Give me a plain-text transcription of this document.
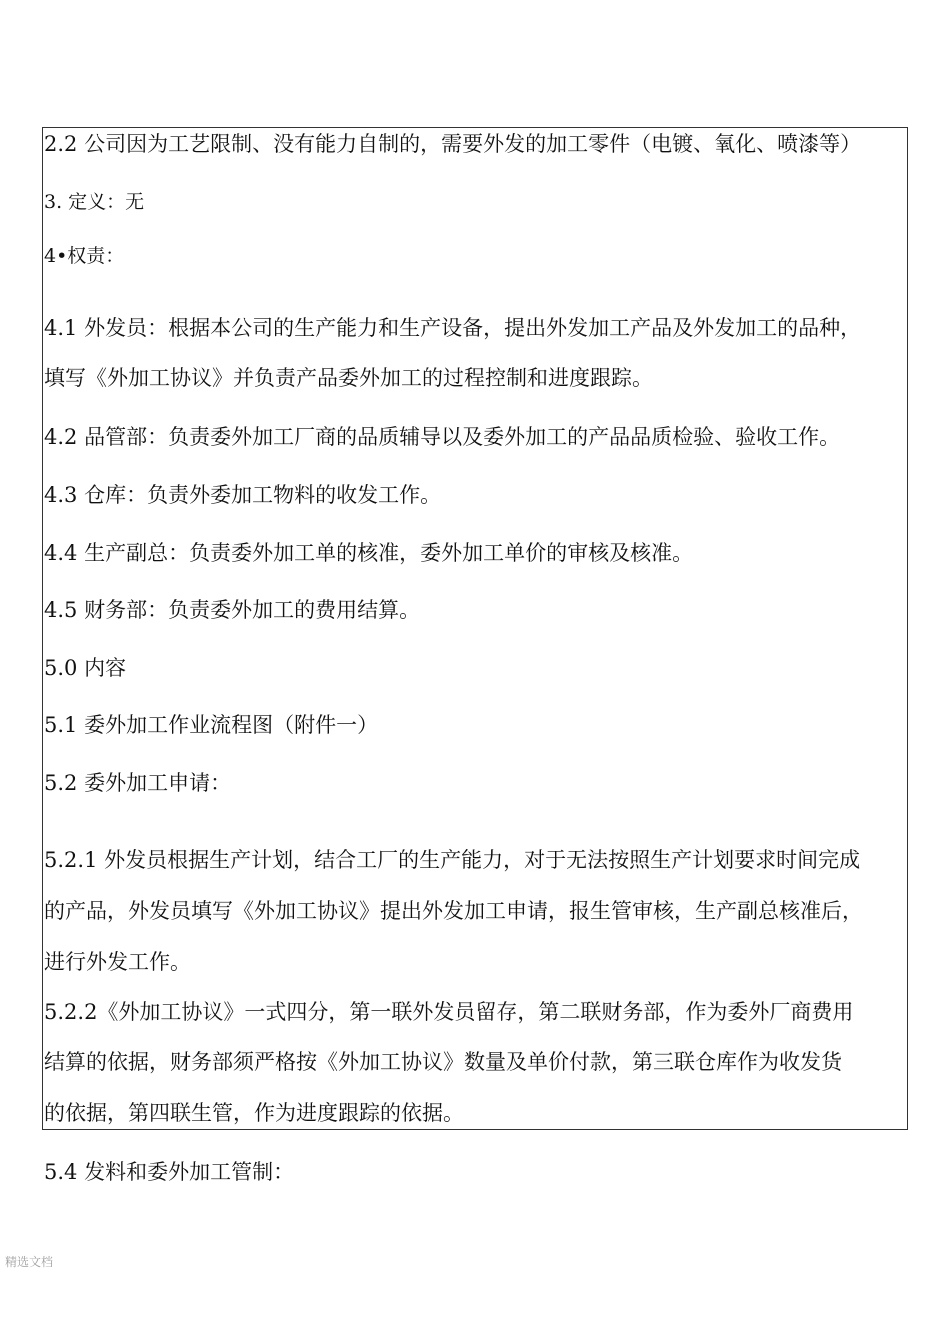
2.2 公司因为工艺限制、没有能力自制的，需要外发的加工零件（电镀、氧化、喷漆等）
3. 定义：无
4•权责：
4.1 外发员：根据本公司的生产能力和生产设备，提出外发加工产品及外发加工的品种，
填写《外加工协议》并负责产品委外加工的过程控制和进度跟踪。
4.2 品管部：负责委外加工厂商的品质辅导以及委外加工的产品品质检验、验收工作。
4.3 仓库：负责外委加工物料的收发工作。
4.4 生产副总：负责委外加工单的核准，委外加工单价的审核及核准。
4.5 财务部：负责委外加工的费用结算。
5.0 内容
5.1 委外加工作业流程图（附件一）
5.2 委外加工申请：
5.2.1 外发员根据生产计划，结合工厂的生产能力，对于无法按照生产计划要求时间完成
的产品，外发员填写《外加工协议》提出外发加工申请，报生管审核，生产副总核准后，
进行外发工作。
5.2.2《外加工协议》一式四分，第一联外发员留存，第二联财务部，作为委外厂商费用
结算的依据，财务部须严格按《外加工协议》数量及单价付款，第三联仓库作为收发货
的依据，第四联生管，作为进度跟踪的依据。
5.4 发料和委外加工管制：
精选文档
